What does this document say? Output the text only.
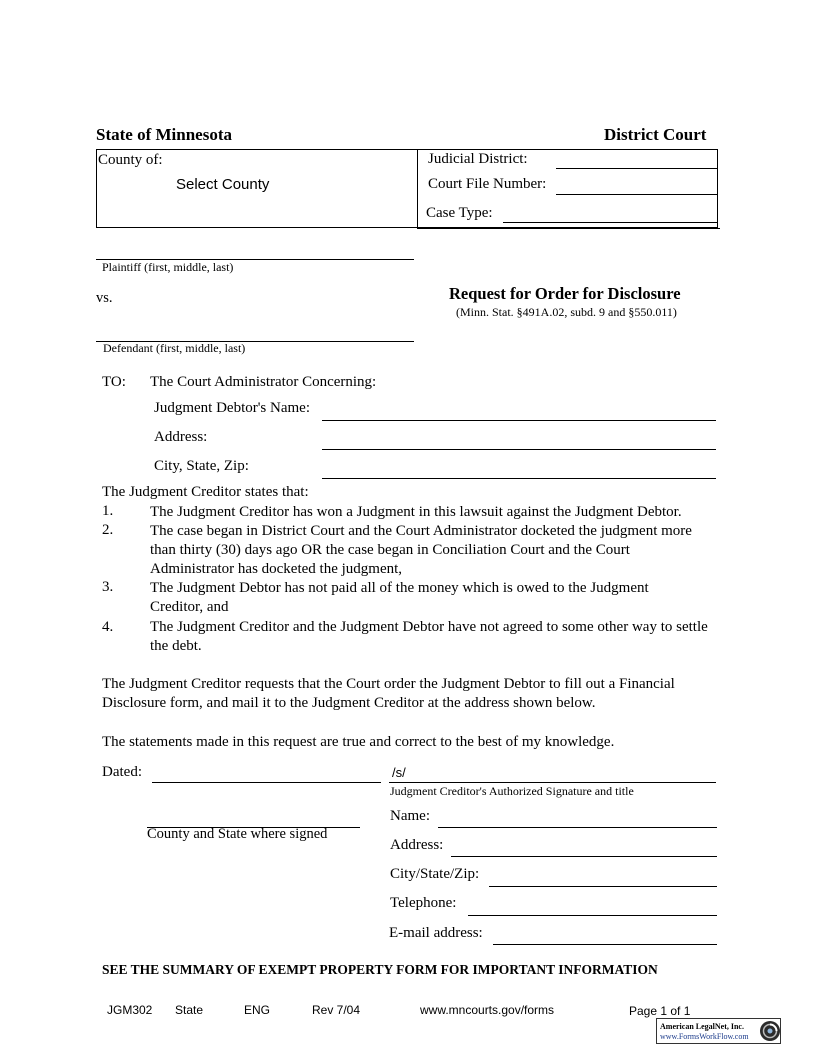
State of Minnesota	District Court
County of:
Select County
Judicial District:
Court File Number:
Case Type:
Plaintiff (first, middle, last)
vs.
Defendant (first, middle, last)
Request for Order for Disclosure
(Minn. Stat. §491A.02, subd. 9 and §550.011)
TO: The Court Administrator Concerning:
Judgment Debtor's Name:
Address:
City, State, Zip:
The Judgment Creditor states that:
1. The Judgment Creditor has won a Judgment in this lawsuit against the Judgment Debtor.
2. The case began in District Court and the Court Administrator docketed the judgment more than thirty (30) days ago OR the case began in Conciliation Court and the Court Administrator has docketed the judgment,
3. The Judgment Debtor has not paid all of the money which is owed to the Judgment Creditor, and
4. The Judgment Creditor and the Judgment Debtor have not agreed to some other way to settle the debt.
The Judgment Creditor requests that the Court order the Judgment Debtor to fill out a Financial Disclosure form, and mail it to the Judgment Creditor at the address shown below.
The statements made in this request are true and correct to the best of my knowledge.
Dated:
County and State where signed
/s/
Judgment Creditor's Authorized Signature and title
Name:
Address:
City/State/Zip:
Telephone:
E-mail address:
SEE THE SUMMARY OF EXEMPT PROPERTY FORM FOR IMPORTANT INFORMATION
JGM302 State	ENG	Rev 7/04	www.mncourts.gov/forms	Page 1 of 1
American LegalNet, Inc.
www.FormsWorkFlow.com
